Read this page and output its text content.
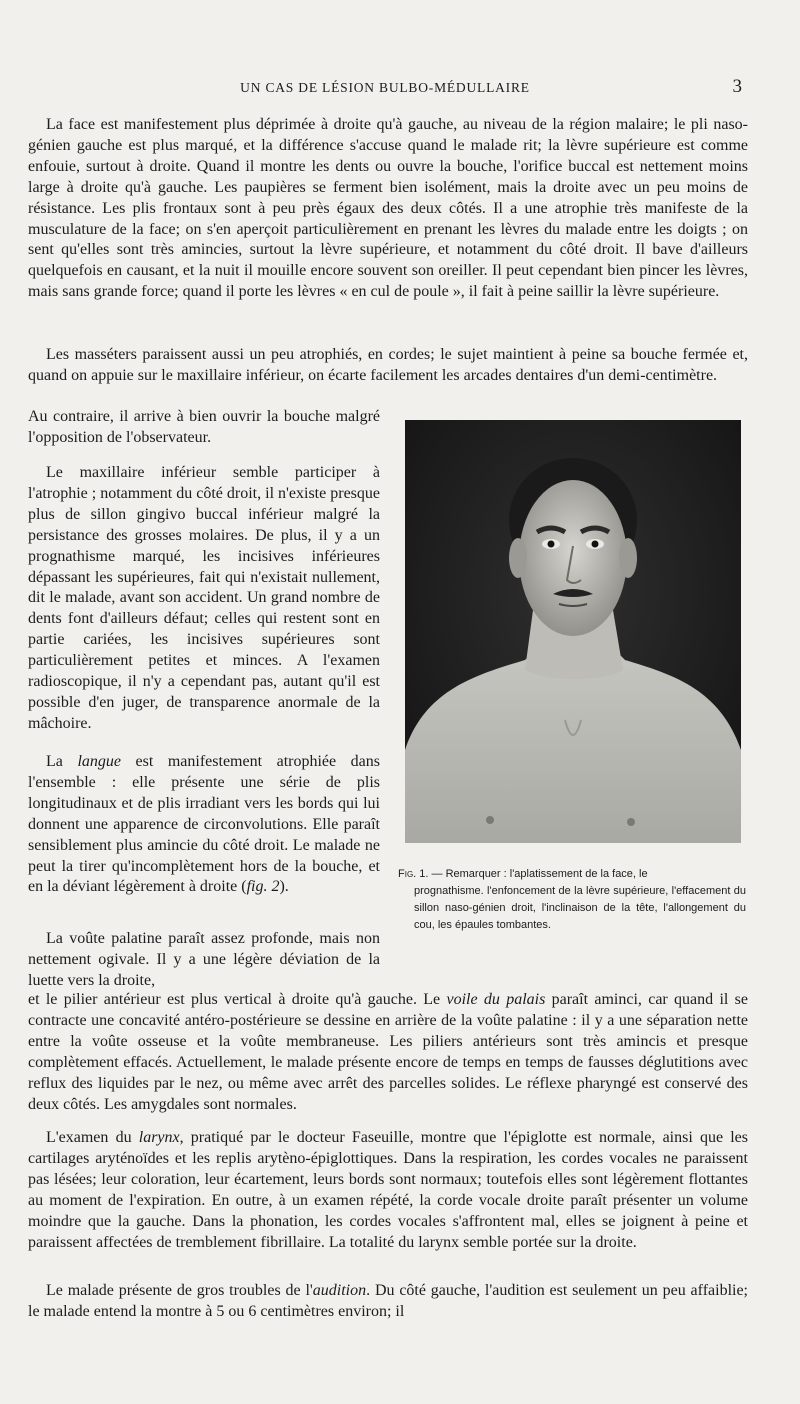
UN CAS DE LÉSION BULBO-MÉDULLAIRE	3

La face est manifestement plus déprimée à droite qu'à gauche, au niveau de la région malaire; le pli naso-génien gauche est plus marqué, et la différence s'accuse quand le malade rit; la lèvre supérieure est comme enfouie, surtout à droite. Quand il montre les dents ou ouvre la bouche, l'orifice buccal est nettement moins large à droite qu'à gauche. Les paupières se ferment bien isolément, mais la droite avec un peu moins de résistance. Les plis frontaux sont à peu près égaux des deux côtés. Il a une atrophie très manifeste de la musculature de la face; on s'en aperçoit particulièrement en prenant les lèvres du malade entre les doigts ; on sent qu'elles sont très amincies, surtout la lèvre supérieure, et notamment du côté droit. Il bave d'ailleurs quelquefois en causant, et la nuit il mouille encore souvent son oreiller. Il peut cependant bien pincer les lèvres, mais sans grande force; quand il porte les lèvres « en cul de poule », il fait à peine saillir la lèvre supérieure.

Les masséters paraissent aussi un peu atrophiés, en cordes; le sujet maintient à peine sa bouche fermée et, quand on appuie sur le maxillaire inférieur, on écarte facilement les arcades dentaires d'un demi-centimètre.

Au contraire, il arrive à bien ouvrir la bouche malgré l'opposition de l'observateur.

Le maxillaire inférieur semble participer à l'atrophie ; notamment du côté droit, il n'existe presque plus de sillon gingivo buccal inférieur malgré la persistance des grosses molaires. De plus, il y a un prognathisme marqué, les incisives inférieures dépassant les supérieures, fait qui n'existait nullement, dit le malade, avant son accident. Un grand nombre de dents font d'ailleurs défaut; celles qui restent sont en partie cariées, les incisives supérieures sont particulièrement petites et minces. A l'examen radioscopique, il n'y a cependant pas, autant qu'il est possible d'en juger, de transparence anormale de la mâchoire.

La langue est manifestement atrophiée dans l'ensemble : elle présente une série de plis longitudinaux et de plis irradiant vers les bords qui lui donnent une apparence de circonvolutions. Elle paraît sensiblement plus amincie du côté droit. Le malade ne peut la tirer qu'incomplètement hors de la bouche, et en la déviant légèrement à droite (fig. 2).

La voûte palatine paraît assez profonde, mais non nettement ogivale. Il y a une légère déviation de la luette vers la droite,

et le pilier antérieur est plus vertical à droite qu'à gauche. Le voile du palais paraît aminci, car quand il se contracte une concavité antéro-postérieure se dessine en arrière de la voûte palatine : il y a une séparation nette entre la voûte osseuse et la voûte membraneuse. Les piliers antérieurs sont très amincis et presque complètement effacés. Actuellement, le malade présente encore de temps en temps de fausses déglutitions avec reflux des liquides par le nez, ou même avec arrêt des parcelles solides. Le réflexe pharyngé est conservé des deux côtés. Les amygdales sont normales.

L'examen du larynx, pratiqué par le docteur Faseuille, montre que l'épiglotte est normale, ainsi que les cartilages aryténoïdes et les replis arytèno-épiglottiques. Dans la respiration, les cordes vocales ne paraissent pas lésées; leur coloration, leur écartement, leurs bords sont normaux; toutefois elles sont légèrement flottantes au moment de l'expiration. En outre, à un examen répété, la corde vocale droite paraît présenter un volume moindre que la gauche. Dans la phonation, les cordes vocales s'affrontent mal, elles se joignent à peine et paraissent affectées de tremblement fibrillaire. La totalité du larynx semble portée sur la droite.

Le malade présente de gros troubles de l'audition. Du côté gauche, l'audition est seulement un peu affaiblie; le malade entend la montre à 5 ou 6 centimètres environ; il

Fig. 1. — Remarquer : l'aplatissement de la face, le
prognathisme. l'enfoncement de la lèvre supérieure, l'effacement du sillon naso-génien droit, l'inclinaison de la tête, l'allongement du cou, les épaules tombantes.
